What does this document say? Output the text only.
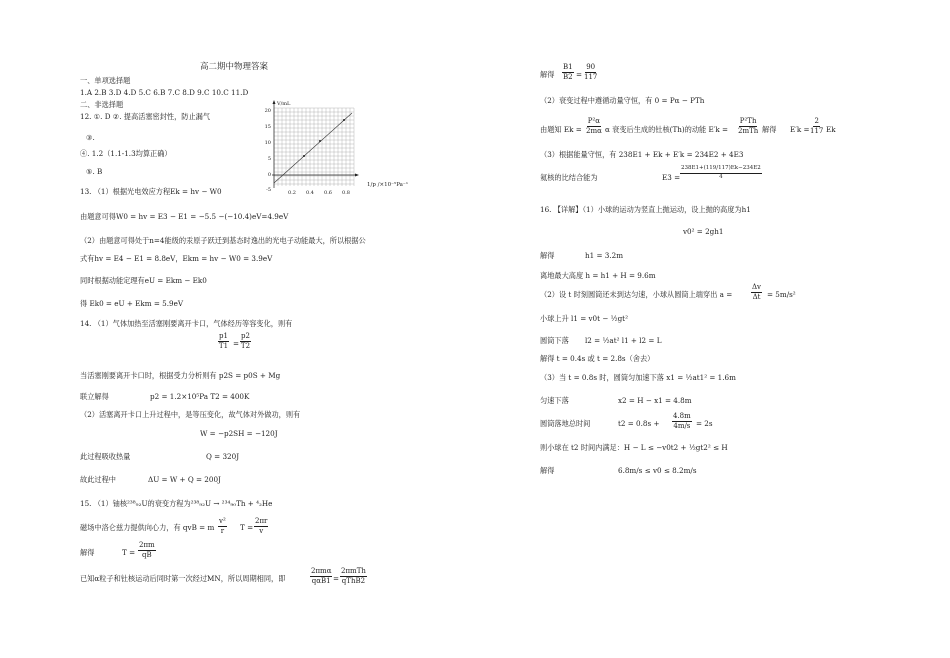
高二期中物理答案
一、单项选择题
1.A 2.B 3.D 4.D 5.C 6.B 7.C 8.D 9.C 10.C 11.D
二、非选择题
12. ①. D ②. 提高活塞密封性，防止漏气
③.
④. 1.2（1.1-1.3均算正确）
⑤. B
V/mL
20
15
10
5
0
-5	0.2 0.4 0.6 0.8
1/p /×10⁻⁵Pa⁻¹
13. （1）根据光电效应方程Ek = hv − W0
由题意可得W0 = hv = E3 − E1 = −5.5 −(−10.4)eV=4.9eV
（2）由题意可得处于n=4能级的汞原子跃迁到基态时逸出的光电子动能最大，所以根据公
式有hv = E4 − E1 = 8.8eV，Ekm = hv − W0 = 3.9eV
同时根据动能定理有eU = Ekm − Ek0
得 Ek0 = eU + Ekm = 5.9eV
14. （1）气体加热至活塞刚要离开卡口，气体经历等容变化，则有
$\frac{p1}{T1} = \frac{p2}{T2}$
当活塞刚要离开卡口时，根据受力分析则有 p2S = p0S + Mg
联立解得	p2 = 1.2×10⁵Pa T2 = 400K
（2）活塞离开卡口上升过程中，是等压变化，故气体对外做功，则有
W = −p2SH = −120J
此过程吸收热量	Q = 320J
故此过程中	ΔU = W + Q = 200J
15. （1）铀核²³⁸₉₂U的衰变方程为²³⁸₉₂U → ²³⁴₉₀Th + ⁴₂He
磁场中洛仑兹力提供向心力，有 qvB = m $\frac{\text{v²}}{r}$ $T = \frac{2\pi r}{v}$
解得	$T = \frac{2\pi m}{qB}$
已知α粒子和钍核运动后同时第一次经过MN，所以周期相同，即
2πmα
qαB1 =
2πmTh
qThB2
解得 $\frac{B1}{B2} = \frac{90}{117}$
（2）衰变过程中遵循动量守恒，有 0 = Pα − PTh
由题知 $Ek = \frac{\text{P²α}}{2m\alpha}$ α 衰变后生成的钍核(Th)的动能 E′k =
P²Th
2mTh 解得 $E'k = \frac{2}{117}$ Ek
（3）根据能量守恒，有 238E1 + Ek + E′k = 234E2 + 4E3
氦核的比结合能为	$E3 = \frac{238E1+(119/117)Ek-234E2}{4}$
16. 【详解】（1）小球的运动为竖直上抛运动，设上抛的高度为h1
v0² = 2gh1
解得	h1 = 3.2m
离地最大高度 h = h1 + H = 9.6m
（2）设 t 时刻圆筒还未到达匀速，小球从圆筒上端穿出 a =	$\frac{\Delta v}{\Delta t} = 5m/s^2$
小球上升 l1 = v0t − ½gt²
圆筒下落 l2 = ½at² l1 + l2 = L
解得 t = 0.4s 或 t = 2.8s（舍去）
（3）当 t = 0.8s 时，圆筒匀加速下落 x1 = ½at1² = 1.6m
匀速下落	x2 = H − x1 = 4.8m
圆筒落地总时间	$t2 = 0.8s + \frac{4.8m}{4m/s} = 2s$
则小球在 t2 时间内满足：H − L ≤ −v0t2 + ½gt2² ≤ H
解得	6.8m/s ≤ v0 ≤ 8.2m/s
